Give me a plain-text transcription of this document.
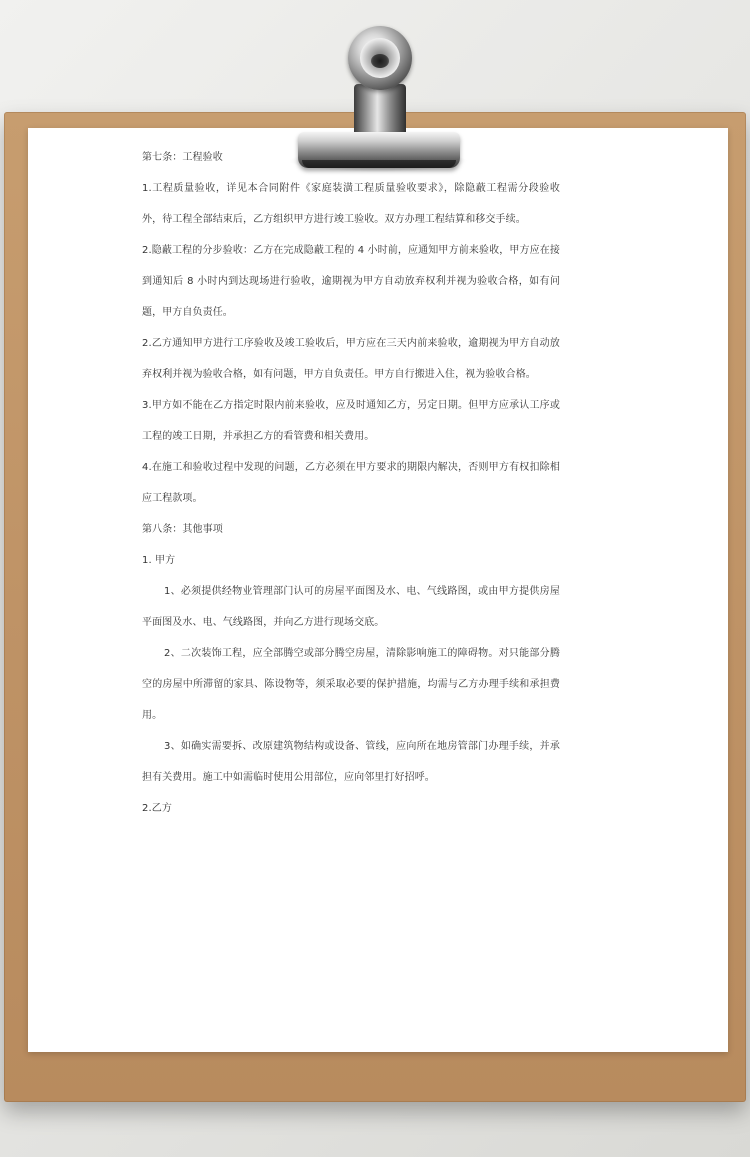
第七条：工程验收

1.工程质量验收，详见本合同附件《家庭装潢工程质量验收要求》，除隐蔽工程需分段验收外，待工程全部结束后，乙方组织甲方进行竣工验收。双方办理工程结算和移交手续。

2.隐蔽工程的分步验收：乙方在完成隐蔽工程的 4 小时前，应通知甲方前来验收，甲方应在接到通知后 8 小时内到达现场进行验收，逾期视为甲方自动放弃权利并视为验收合格，如有问题，甲方自负责任。

2.乙方通知甲方进行工序验收及竣工验收后，甲方应在三天内前来验收，逾期视为甲方自动放弃权利并视为验收合格，如有问题，甲方自负责任。甲方自行搬进入住，视为验收合格。

3.甲方如不能在乙方指定时限内前来验收，应及时通知乙方，另定日期。但甲方应承认工序或工程的竣工日期，并承担乙方的看管费和相关费用。

4.在施工和验收过程中发现的问题，乙方必须在甲方要求的期限内解决，否则甲方有权扣除相应工程款项。

第八条：其他事项

1. 甲方

1、必须提供经物业管理部门认可的房屋平面图及水、电、气线路图，或由甲方提供房屋平面图及水、电、气线路图，并向乙方进行现场交底。

2、二次装饰工程，应全部腾空或部分腾空房屋，清除影响施工的障碍物。对只能部分腾空的房屋中所滞留的家具、陈设物等，须采取必要的保护措施，均需与乙方办理手续和承担费用。

3、如确实需要拆、改原建筑物结构或设备、管线，应向所在地房管部门办理手续，并承担有关费用。施工中如需临时使用公用部位，应向邻里打好招呼。

2.乙方
